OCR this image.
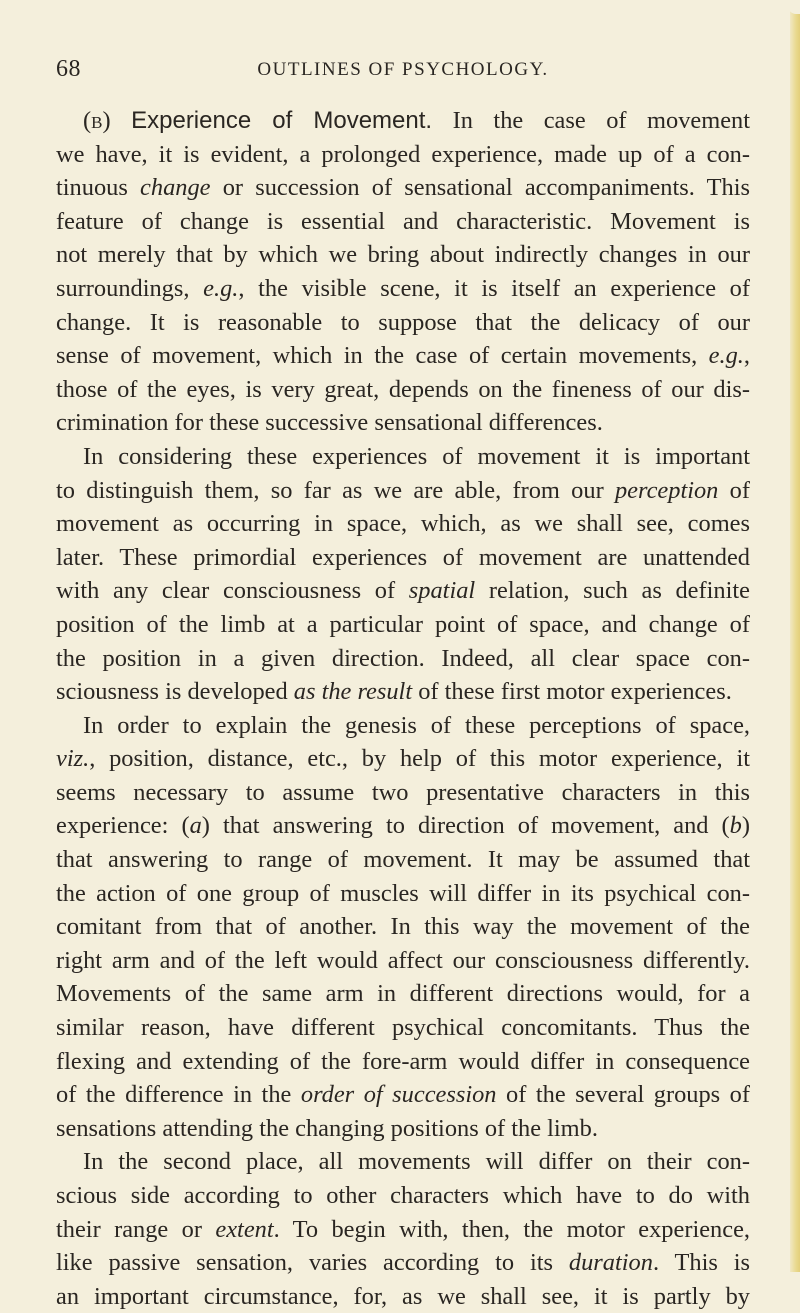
68	OUTLINES OF PSYCHOLOGY.
(b) Experience of Movement. In the case of movement
we have, it is evident, a prolonged experience, made up of a con-
tinuous change or succession of sensational accompaniments. This
feature of change is essential and characteristic. Movement is
not merely that by which we bring about indirectly changes in our
surroundings, e.g., the visible scene, it is itself an experience of
change. It is reasonable to suppose that the delicacy of our
sense of movement, which in the case of certain movements, e.g.,
those of the eyes, is very great, depends on the fineness of our dis-
crimination for these successive sensational differences.
In considering these experiences of movement it is important
to distinguish them, so far as we are able, from our perception of
movement as occurring in space, which, as we shall see, comes
later. These primordial experiences of movement are unattended
with any clear consciousness of spatial relation, such as definite
position of the limb at a particular point of space, and change of
the position in a given direction. Indeed, all clear space con-
sciousness is developed as the result of these first motor experiences.
In order to explain the genesis of these perceptions of space,
viz., position, distance, etc., by help of this motor experience, it
seems necessary to assume two presentative characters in this
experience: (a) that answering to direction of movement, and (b)
that answering to range of movement. It may be assumed that
the action of one group of muscles will differ in its psychical con-
comitant from that of another. In this way the movement of the
right arm and of the left would affect our consciousness differently.
Movements of the same arm in different directions would, for a
similar reason, have different psychical concomitants. Thus the
flexing and extending of the fore-arm would differ in consequence
of the difference in the order of succession of the several groups of
sensations attending the changing positions of the limb.
In the second place, all movements will differ on their con-
scious side according to other characters which have to do with
their range or extent. To begin with, then, the motor experience,
like passive sensation, varies according to its duration. This is
an important circumstance, for, as we shall see, it is partly by
